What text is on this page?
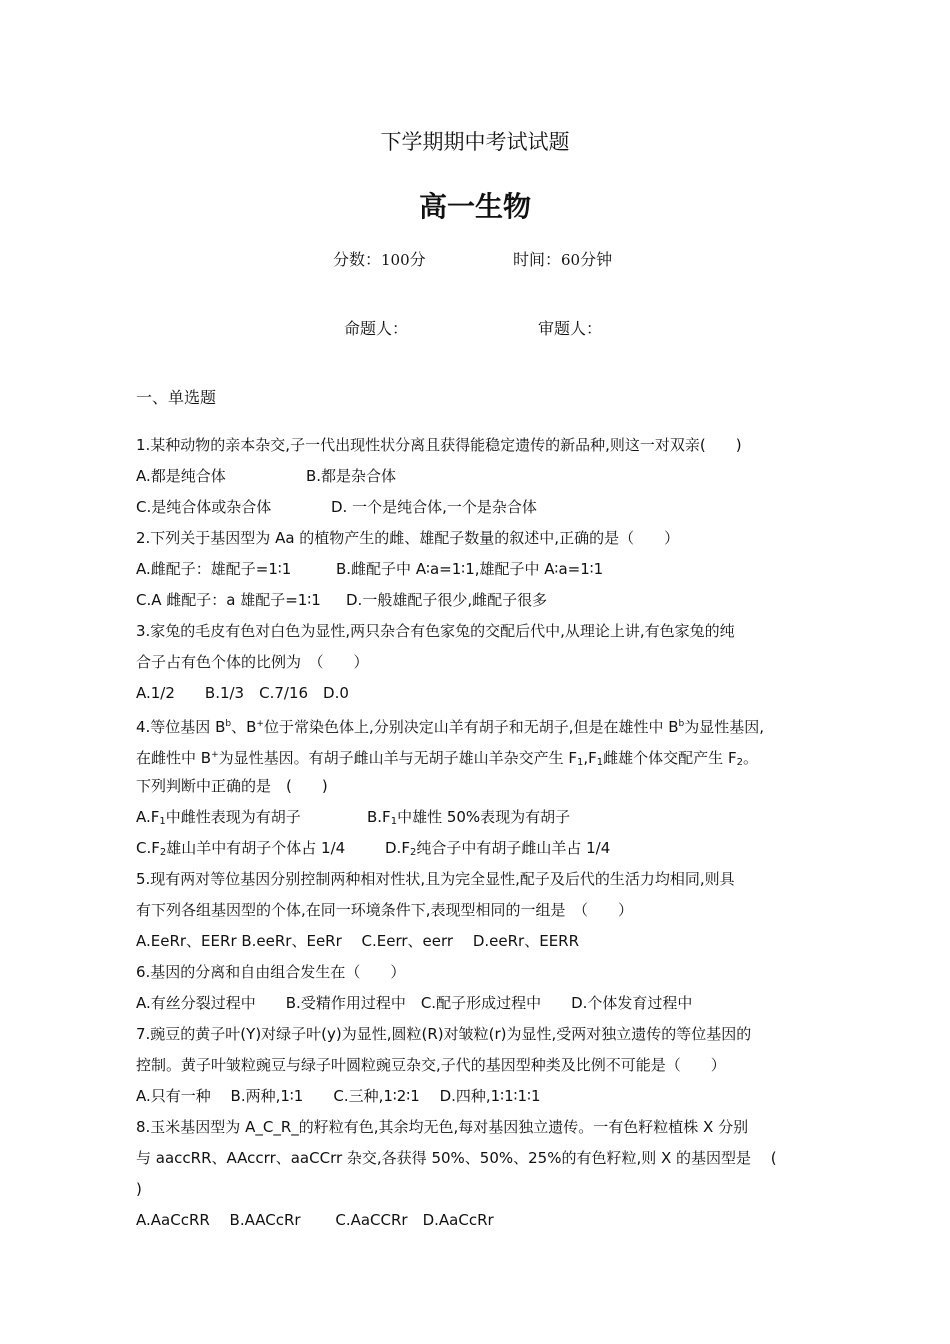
下学期期中考试试题
高一生物
分数：100分	时间：60分钟
命题人：	审题人：
一、单选题
1.某种动物的亲本杂交,子一代出现性状分离且获得能稳定遗传的新品种,则这一对双亲(　　)
A.都是纯合体	B.都是杂合体
C.是纯合体或杂合体	D. 一个是纯合体,一个是杂合体
2.下列关于基因型为 Aa 的植物产生的雌、雄配子数量的叙述中,正确的是（　　）
A.雌配子：雄配子=1∶1	B.雌配子中 A∶a=1∶1,雄配子中 A∶a=1∶1
C.A 雌配子：a 雄配子=1∶1 D.一般雄配子很少,雌配子很多
3.家兔的毛皮有色对白色为显性,两只杂合有色家兔的交配后代中,从理论上讲,有色家兔的纯
合子占有色个体的比例为　（　　）
A.1/2　　B.1/3　C.7/16　D.0
4.等位基因 $B^b$、B+位于常染色体上,分别决定山羊有胡子和无胡子,但是在雄性中 $B^b$为显性基因,
在雌性中 B+为显性基因。有胡子雌山羊与无胡子雄山羊杂交产生 $F_1,F_1$雌雄个体交配产生 $F_2$。
下列判断中正确的是　(　　)
$A.F_1$中雌性表现为有胡子	$B.F_1$中雄性 50%表现为有胡子
$C.F_2$雄山羊中有胡子个体占 1/4	$D.F_2$纯合子中有胡子雌山羊占 1/4
5.现有两对等位基因分别控制两种相对性状,且为完全显性,配子及后代的生活力均相同,则具
有下列各组基因型的个体,在同一环境条件下,表现型相同的一组是　（　　）
A.EeRr、EERr B.eeRr、EeRr　 C.Eerr、eerr　 D.eeRr、EERR
6.基因的分离和自由组合发生在（　　）
A.有丝分裂过程中　　B.受精作用过程中　C.配子形成过程中　　D.个体发育过程中
7.豌豆的黄子叶(Y)对绿子叶(y)为显性,圆粒(R)对皱粒(r)为显性,受两对独立遗传的等位基因的
控制。黄子叶皱粒豌豆与绿子叶圆粒豌豆杂交,子代的基因型种类及比例不可能是（　　）
A.只有一种　 B.两种,1∶1　　C.三种,1∶2∶1　 D.四种,1∶1∶1∶1
8.玉米基因型为 A_C_R_的籽粒有色,其余均无色,每对基因独立遗传。一有色籽粒植株 X 分别
与 aaccRR、AAccrr、aaCCrr 杂交,各获得 50%、50%、25%的有色籽粒,则 X 的基因型是　 (
)
A.AaCcRR　 B.AACcRr　　 C.AaCCRr　D.AaCcRr
